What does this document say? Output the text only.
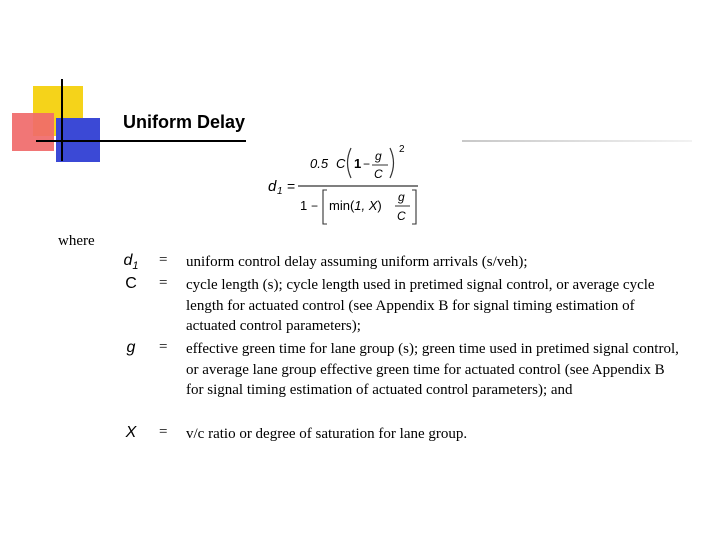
Uniform Delay
d 1 =
0.5 C 1 −
g
C
2
1 − min(1, X)
g
C
where
$d_1$	= uniform control delay assuming uniform arrivals (s/veh);
C	= cycle length (s); cycle length used in pretimed signal control, or average cycle length for actuated control (see Appendix B for signal timing estimation of actuated control parameters);
g	= effective green time for lane group (s); green time used in pretimed signal control, or average lane group effective green time for actuated control (see Appendix B for signal timing estimation of actuated control parameters); and
X	= v/c ratio or degree of saturation for lane group.
